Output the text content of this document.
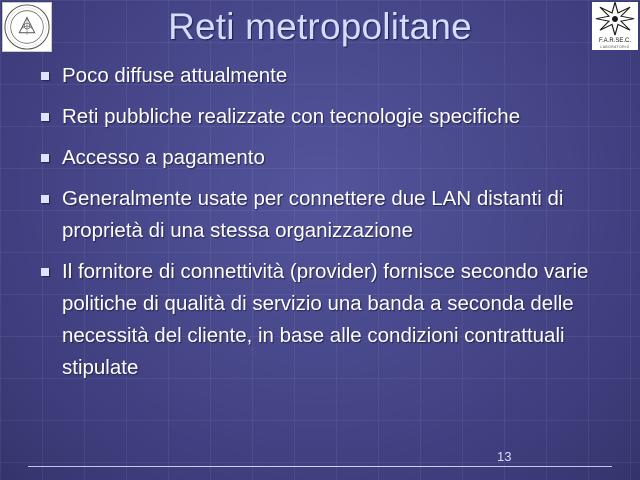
F.A.R.SE.C.
LABORATORIO
Reti metropolitane
Poco diffuse attualmente
Reti pubbliche realizzate con tecnologie specifiche
Accesso a pagamento
Generalmente usate per connettere due LAN distanti di proprietà di una stessa organizzazione
Il fornitore di connettività (provider) fornisce secondo varie politiche di qualità di servizio una banda a seconda delle necessità del cliente, in base alle condizioni contrattuali stipulate
13
